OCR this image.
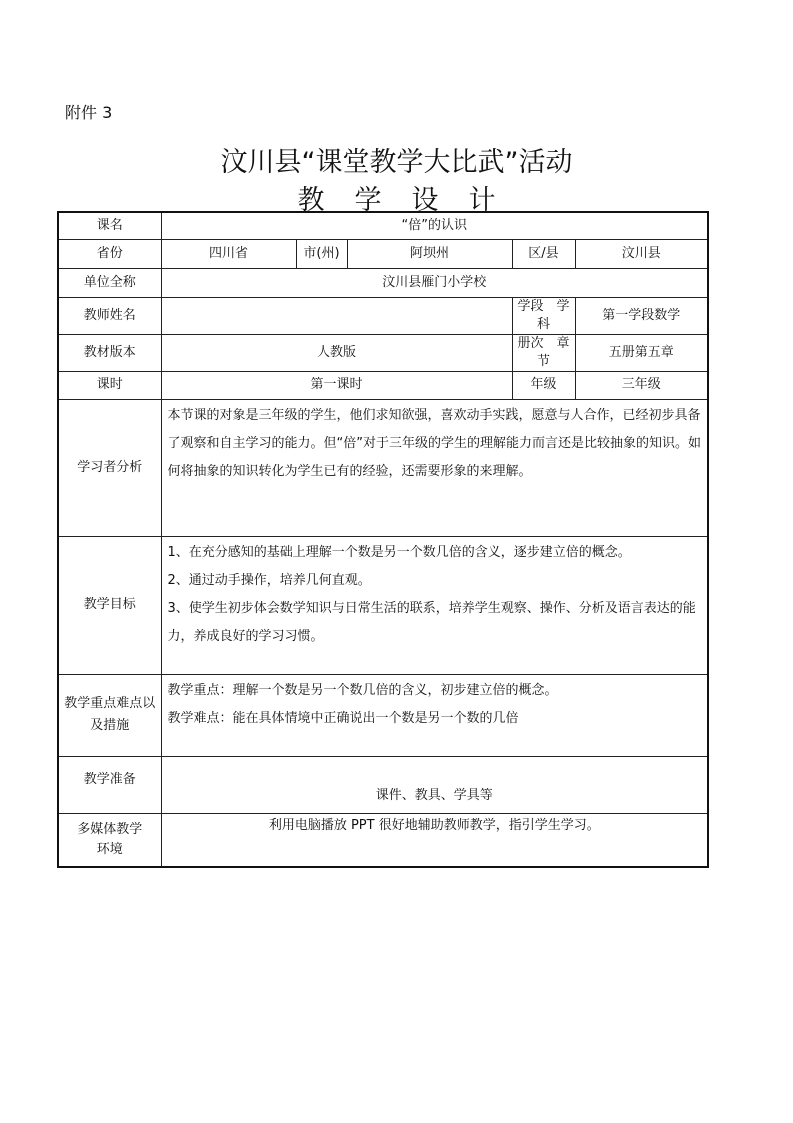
附件 3
汶川县“课堂教学大比武”活动
教学设计
课名	“倍”的认识				
省份	四川省	市(州)	阿坝州	区/县	汶川县
单位全称	汶川县雁门小学校				
教师姓名				学段　学科	第一学段数学
教材版本	人教版			册次　章节	五册第五章
课时	第一课时			年级	三年级
学习者分析	本节课的对象是三年级的学生，他们求知欲强，喜欢动手实践，愿意与人合作，已经初步具备了观察和自主学习的能力。但“倍”对于三年级的学生的理解能力而言还是比较抽象的知识。如何将抽象的知识转化为学生已有的经验，还需要形象的来理解。				
教学目标	1、在充分感知的基础上理解一个数是另一个数几倍的含义，逐步建立倍的概念。

2、通过动手操作，培养几何直观。

3、使学生初步体会数学知识与日常生活的联系，培养学生观察、操作、分析及语言表达的能力，养成良好的学习习惯。				

教学重点难点以及措施	教学重点：理解一个数是另一个数几倍的含义，初步建立倍的概念。

教学难点：能在具体情境中正确说出一个数是另一个数的几倍				

教学准备	课件、教具、学具等				
多媒体教学环境	利用电脑播放 PPT 很好地辅助教师教学，指引学生学习。				
